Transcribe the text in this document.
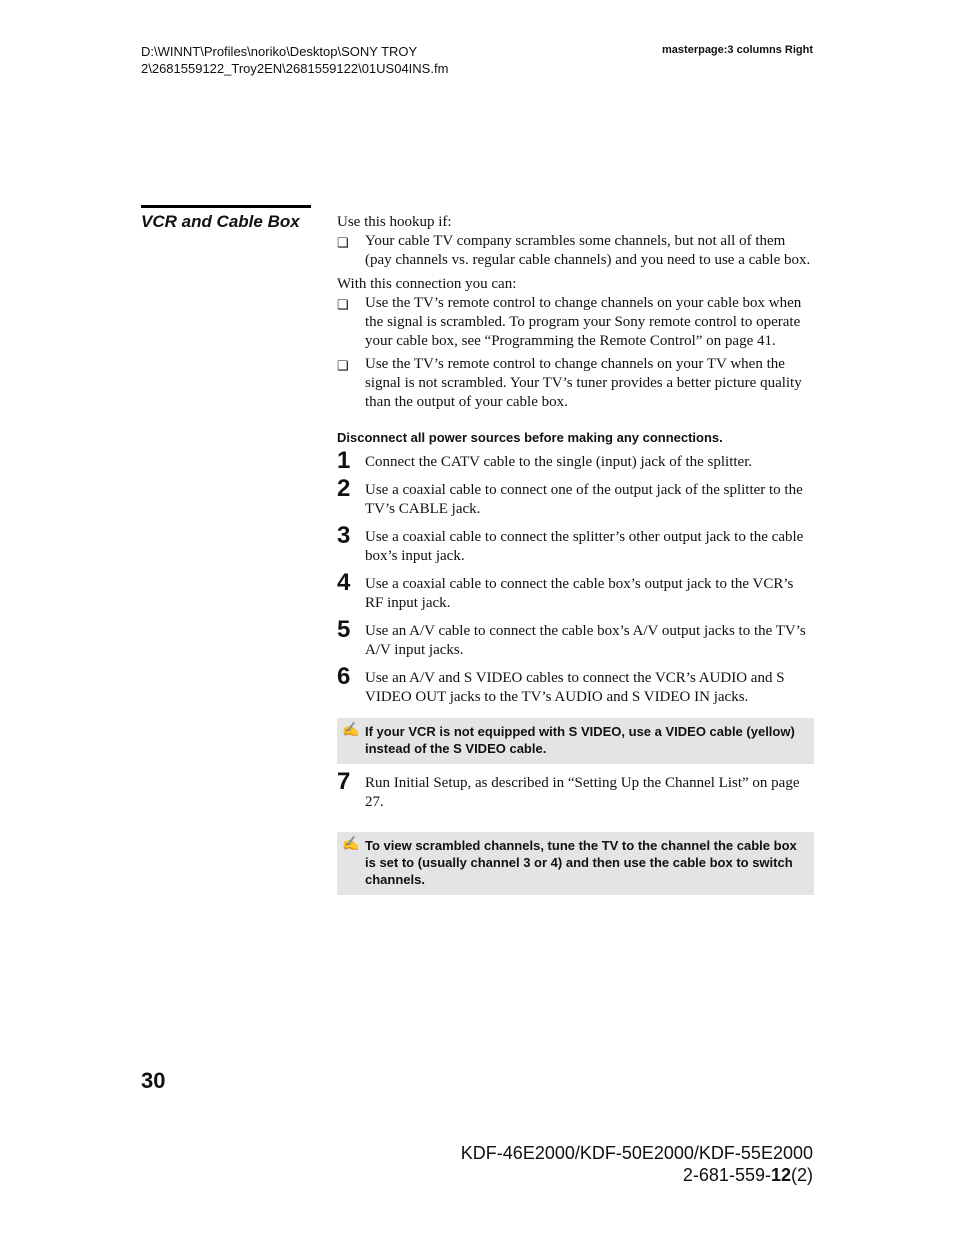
D:\WINNT\Profiles\noriko\Desktop\SONY TROY
2\2681559122_Troy2EN\2681559122\01US04INS.fm
masterpage:3 columns Right
VCR and Cable Box Use this hookup if:

❑ Your cable TV company scrambles some channels, but not all of them (pay channels vs. regular cable channels) and you need to use a cable box.

With this connection you can:

❑ Use the TV’s remote control to change channels on your cable box when the signal is scrambled. To program your Sony remote control to operate your cable box, see “Programming the Remote Control” on page 41.
❑ Use the TV’s remote control to change channels on your TV when the signal is not scrambled. Your TV’s tuner provides a better picture quality than the output of your cable box.
Disconnect all power sources before making any connections.
1 Connect the CATV cable to the single (input) jack of the splitter.
2 Use a coaxial cable to connect one of the output jack of the splitter to the TV’s CABLE jack.
3 Use a coaxial cable to connect the splitter’s other output jack to the cable box’s input jack.
4 Use a coaxial cable to connect the cable box’s output jack to the VCR’s RF input jack.
5 Use an A/V cable to connect the cable box’s A/V output jacks to the TV’s A/V input jacks.
6 Use an A/V and S VIDEO cables to connect the VCR’s AUDIO and S VIDEO OUT jacks to the TV’s AUDIO and S VIDEO IN jacks.
✍ If your VCR is not equipped with S VIDEO, use a VIDEO cable (yellow) instead of the S VIDEO cable.
7 Run Initial Setup, as described in “Setting Up the Channel List” on page 27.
✍ To view scrambled channels, tune the TV to the channel the cable box is set to (usually channel 3 or 4) and then use the cable box to switch channels.
30
KDF-46E2000/KDF-50E2000/KDF-55E2000
2-681-559-12(2)
